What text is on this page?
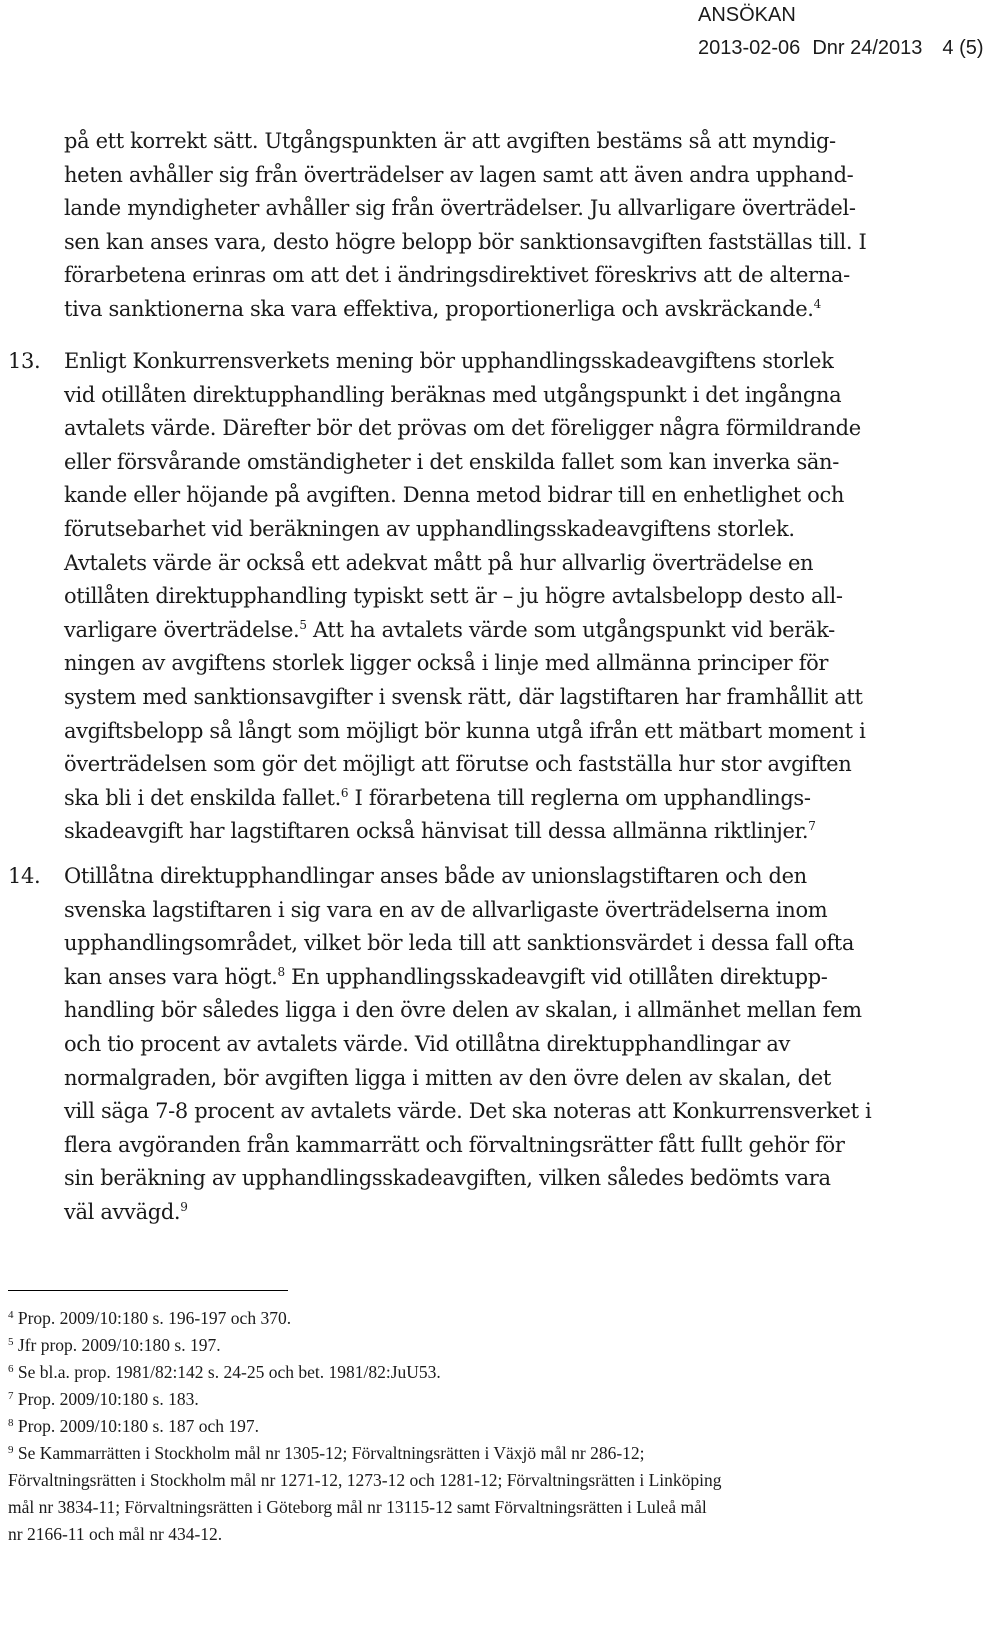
ANSÖKAN
2013-02-06 Dnr 24/2013 4 (5)
på ett korrekt sätt. Utgångspunkten är att avgiften bestäms så att myndig-
heten avhåller sig från överträdelser av lagen samt att även andra upphand-
lande myndigheter avhåller sig från överträdelser. Ju allvarligare överträdel-
sen kan anses vara, desto högre belopp bör sanktionsavgiften fastställas till. I
förarbetena erinras om att det i ändringsdirektivet föreskrivs att de alterna-
tiva sanktionerna ska vara effektiva, proportionerliga och avskräckande.$^4$
13. Enligt Konkurrensverkets mening bör upphandlingsskadeavgiftens storlek
vid otillåten direktupphandling beräknas med utgångspunkt i det ingångna
avtalets värde. Därefter bör det prövas om det föreligger några förmildrande
eller försvårande omständigheter i det enskilda fallet som kan inverka sän-
kande eller höjande på avgiften. Denna metod bidrar till en enhetlighet och
förutsebarhet vid beräkningen av upphandlingsskadeavgiftens storlek.
Avtalets värde är också ett adekvat mått på hur allvarlig överträdelse en
otillåten direktupphandling typiskt sett är – ju högre avtalsbelopp desto all-
varligare överträdelse.$^5$ Att ha avtalets värde som utgångspunkt vid beräk-
ningen av avgiftens storlek ligger också i linje med allmänna principer för
system med sanktionsavgifter i svensk rätt, där lagstiftaren har framhållit att
avgiftsbelopp så långt som möjligt bör kunna utgå ifrån ett mätbart moment i
överträdelsen som gör det möjligt att förutse och fastställa hur stor avgiften
ska bli i det enskilda fallet.$^6$ I förarbetena till reglerna om upphandlings-
skadeavgift har lagstiftaren också hänvisat till dessa allmänna riktlinjer.$^7$
14. Otillåtna direktupphandlingar anses både av unionslagstiftaren och den
svenska lagstiftaren i sig vara en av de allvarligaste överträdelserna inom
upphandlingsområdet, vilket bör leda till att sanktionsvärdet i dessa fall ofta
kan anses vara högt.$^8$ En upphandlingsskadeavgift vid otillåten direktupp-
handling bör således ligga i den övre delen av skalan, i allmänhet mellan fem
och tio procent av avtalets värde. Vid otillåtna direktupphandlingar av
normalgraden, bör avgiften ligga i mitten av den övre delen av skalan, det
vill säga 7-8 procent av avtalets värde. Det ska noteras att Konkurrensverket i
flera avgöranden från kammarrätt och förvaltningsrätter fått fullt gehör för
sin beräkning av upphandlingsskadeavgiften, vilken således bedömts vara
väl avvägd.$^9$
$^4$ Prop. 2009/10:180 s. 196-197 och 370.
$^5$ Jfr prop. 2009/10:180 s. 197.
$^6$ Se bl.a. prop. 1981/82:142 s. 24-25 och bet. 1981/82:JuU53.
$^7$ Prop. 2009/10:180 s. 183.
$^8$ Prop. 2009/10:180 s. 187 och 197.
$^9$ Se Kammarrätten i Stockholm mål nr 1305-12; Förvaltningsrätten i Växjö mål nr 286-12;
Förvaltningsrätten i Stockholm mål nr 1271-12, 1273-12 och 1281-12; Förvaltningsrätten i Linköping
mål nr 3834-11; Förvaltningsrätten i Göteborg mål nr 13115-12 samt Förvaltningsrätten i Luleå mål
nr 2166-11 och mål nr 434-12.
